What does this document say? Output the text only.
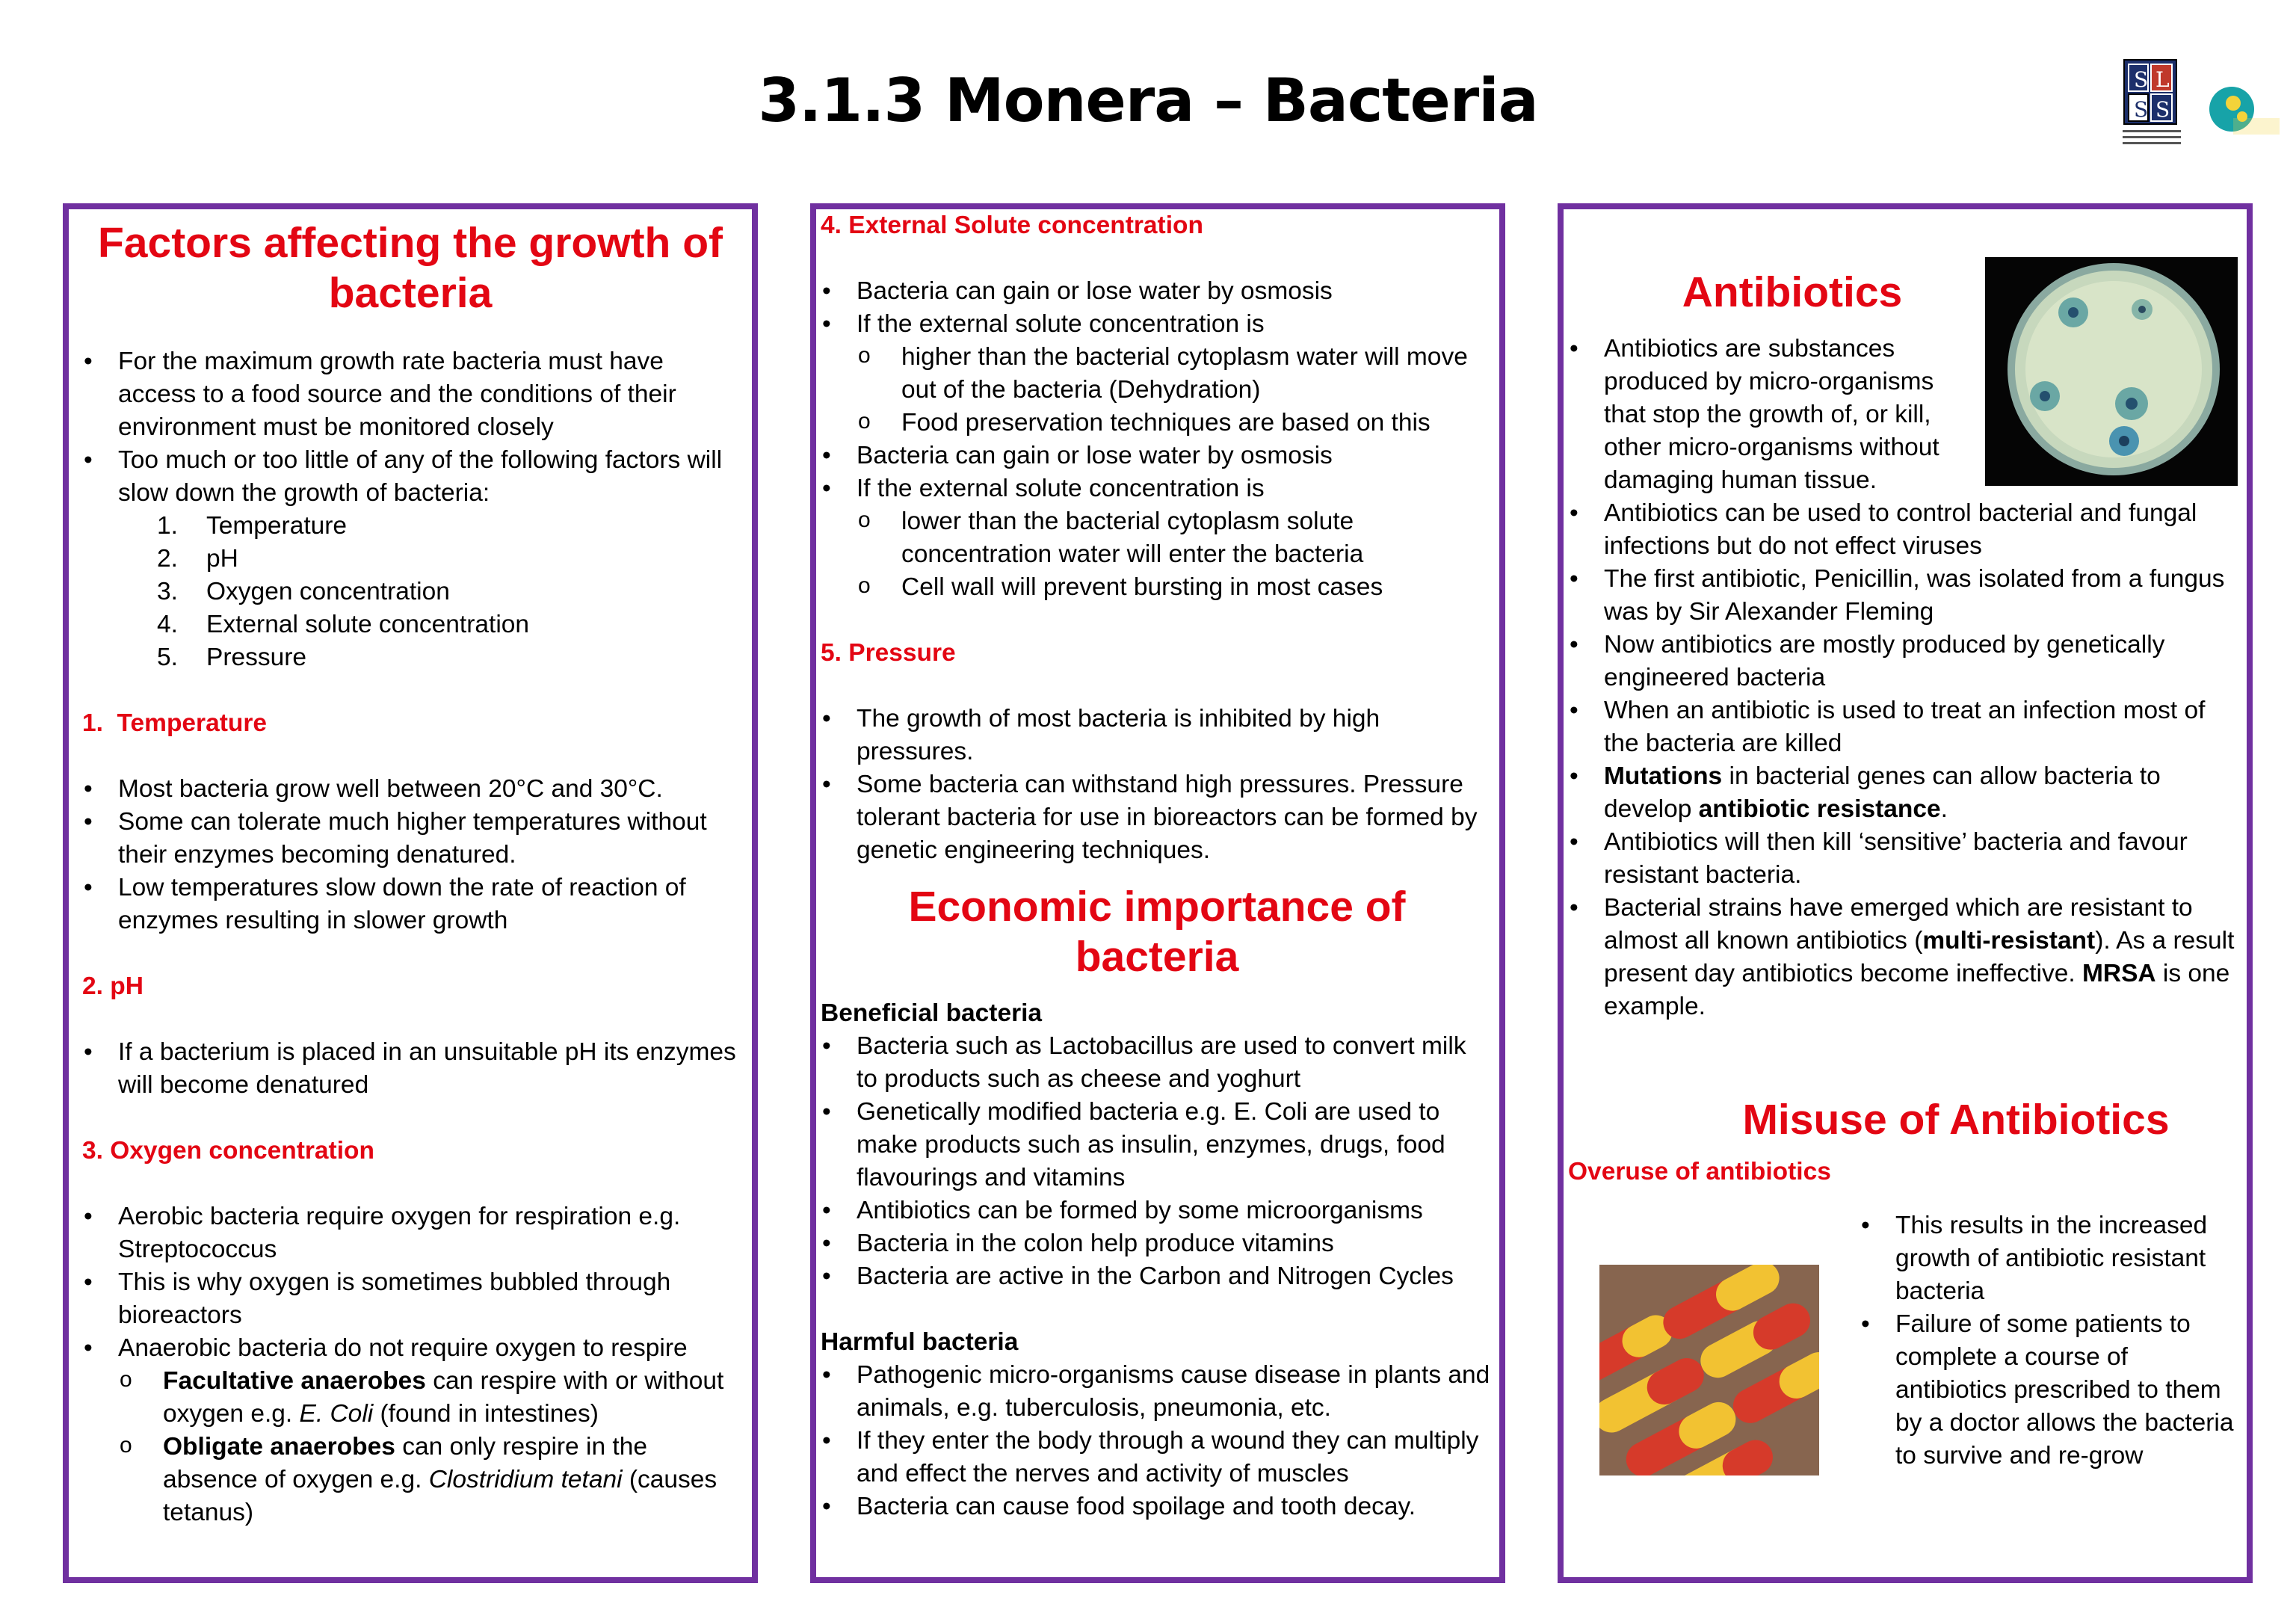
3.1.3 Monera – Bacteria	S L
S S
Factors affecting the growth of bacteria
• For the maximum growth rate bacteria must have access to a food source and the conditions of their environment must be monitored closely
• Too much or too little of any of the following factors will slow down the growth of bacteria:
1. Temperature
2. pH
3. Oxygen concentration
4. External solute concentration
5. Pressure
1.  Temperature
• Most bacteria grow well between 20°C and 30°C.
• Some can tolerate much higher temperatures without their enzymes becoming denatured.
• Low temperatures slow down the rate of reaction of enzymes resulting in slower growth
2. pH
• If a bacterium is placed in an unsuitable pH its enzymes will become denatured
3. Oxygen concentration
• Aerobic bacteria require oxygen for respiration e.g. Streptococcus
• This is why oxygen is sometimes bubbled through bioreactors
• Anaerobic bacteria do not require oxygen to respire
o Facultative anaerobes can respire with or without oxygen e.g. E. Coli (found in intestines)
o Obligate anaerobes can only respire in the absence of oxygen e.g. Clostridium tetani (causes tetanus)
4. External Solute concentration
• Bacteria can gain or lose water by osmosis
• If the external solute concentration is
o higher than the bacterial cytoplasm water will move out of the bacteria (Dehydration)
o Food preservation techniques are based on this
• Bacteria can gain or lose water by osmosis
• If the external solute concentration is
o lower than the bacterial cytoplasm solute concentration water will enter the bacteria
o Cell wall will prevent bursting in most cases
5. Pressure
• The growth of most bacteria is inhibited by high pressures.
• Some bacteria can withstand high pressures. Pressure tolerant bacteria for use in bioreactors can be formed by genetic engineering techniques.
Economic importance of bacteria
Beneficial bacteria
• Bacteria such as Lactobacillus are used to convert milk to products such as cheese and yoghurt
• Genetically modified bacteria e.g. E. Coli are used to make products such as insulin, enzymes, drugs, food flavourings and vitamins
• Antibiotics can be formed by some microorganisms
• Bacteria in the colon help produce vitamins
• Bacteria are active in the Carbon and Nitrogen Cycles
Harmful bacteria
• Pathogenic micro-organisms cause disease in plants and animals, e.g. tuberculosis, pneumonia, etc.
• If they enter the body through a wound they can multiply and effect the nerves and activity of muscles
• Bacteria can cause food spoilage and tooth decay.
Antibiotics
• Antibiotics are substances produced by micro-organisms that stop the growth of, or kill, other micro-organisms without damaging human tissue.
• Antibiotics can be used to control bacterial and fungal infections but do not effect viruses
• The first antibiotic, Penicillin, was isolated from a fungus was by Sir Alexander Fleming
• Now antibiotics are mostly produced by genetically engineered bacteria
• When an antibiotic is used to treat an infection most of the bacteria are killed
• Mutations in bacterial genes can allow bacteria to develop antibiotic resistance.
• Antibiotics will then kill ‘sensitive’ bacteria and favour resistant bacteria.
• Bacterial strains have emerged which are resistant to almost all known antibiotics (multi-resistant). As a result present day antibiotics become ineffective. MRSA is one example.
Misuse of Antibiotics
Overuse of antibiotics
• This results in the increased growth of antibiotic resistant bacteria
• Failure of some patients to complete a course of antibiotics prescribed to them by a doctor allows the bacteria to survive and re-grow
